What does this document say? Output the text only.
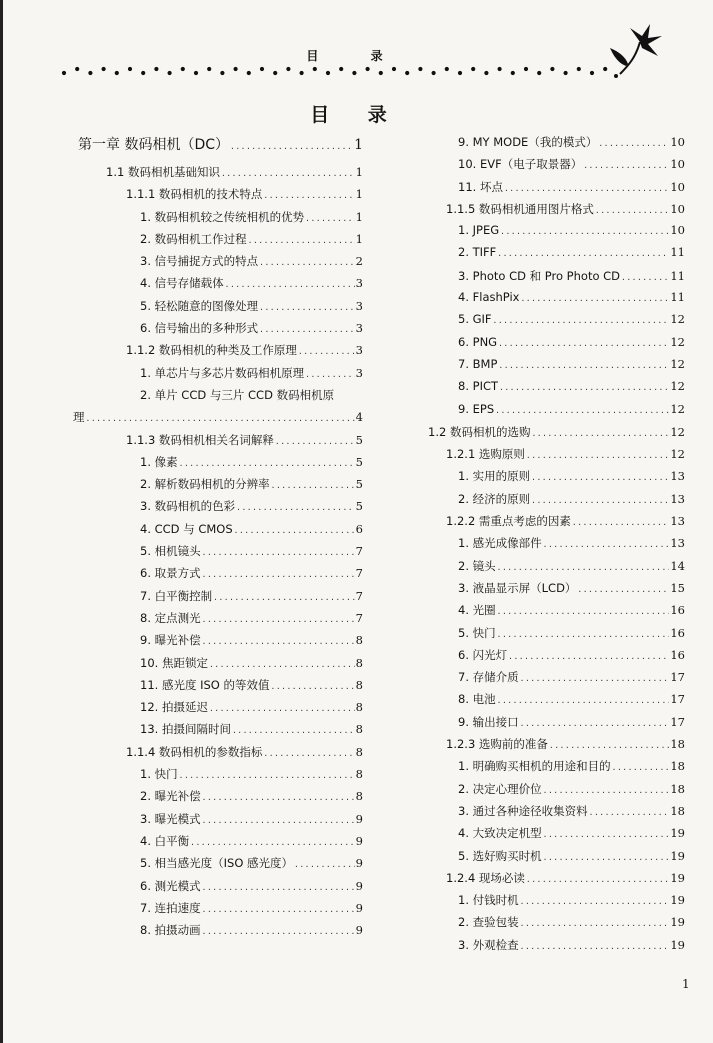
目 录
目 录
第一章 数码相机（DC） .....	1
1.1 数码相机基础知识 .....	1
1.1.1 数码相机的技术特点 .....	1
1. 数码相机较之传统相机的优势 .....	1
2. 数码相机工作过程 .....	1
3. 信号捕捉方式的特点 .....	2
4. 信号存储载体 .....	3
5. 轻松随意的图像处理 .....	3
6. 信号输出的多种形式 .....	3
1.1.2 数码相机的种类及工作原理 .....	3
1. 单芯片与多芯片数码相机原理 .....	3
2. 单片 CCD 与三片 CCD 数码相机原
理 .....	4
1.1.3 数码相机相关名词解释 .....	5
1. 像素 .....	5
2. 解析数码相机的分辨率 .....	5
3. 数码相机的色彩 .....	5
4. CCD 与 CMOS .....	6
5. 相机镜头 .....	7
6. 取景方式 .....	7
7. 白平衡控制 .....	7
8. 定点测光 .....	7
9. 曝光补偿 .....	8
10. 焦距锁定 .....	8
11. 感光度 ISO 的等效值 .....	8
12. 拍摄延迟 .....	8
13. 拍摄间隔时间 .....	8
1.1.4 数码相机的参数指标 .....	8
1. 快门 .....	8
2. 曝光补偿 .....	8
3. 曝光模式 .....	9
4. 白平衡 .....	9
5. 相当感光度（ISO 感光度） .....	9
6. 测光模式 .....	9
7. 连拍速度 .....	9
8. 拍摄动画 .....	9
9. MY MODE（我的模式） .....	10
10. EVF（电子取景器） .....	10
11. 坏点 .....	10
1.1.5 数码相机通用图片格式 .....	10
1. JPEG .....	10
2. TIFF .....	11
3. Photo CD 和 Pro Photo CD .....	11
4. FlashPix .....	11
5. GIF .....	12
6. PNG .....	12
7. BMP .....	12
8. PICT .....	12
9. EPS .....	12
1.2 数码相机的选购 .....	12
1.2.1 选购原则 .....	12
1. 实用的原则 .....	13
2. 经济的原则 .....	13
1.2.2 需重点考虑的因素 .....	13
1. 感光成像部件 .....	13
2. 镜头 .....	14
3. 液晶显示屏（LCD） .....	15
4. 光圈 .....	16
5. 快门 .....	16
6. 闪光灯 .....	16
7. 存储介质 .....	17
8. 电池 .....	17
9. 输出接口 .....	17
1.2.3 选购前的准备 .....	18
1. 明确购买相机的用途和目的 .....	18
2. 决定心理价位 .....	18
3. 通过各种途径收集资料 .....	18
4. 大致决定机型 .....	19
5. 选好购买时机 .....	19
1.2.4 现场必读 .....	19
1. 付钱时机 .....	19
2. 查验包装 .....	19
3. 外观检查 .....	19
1
